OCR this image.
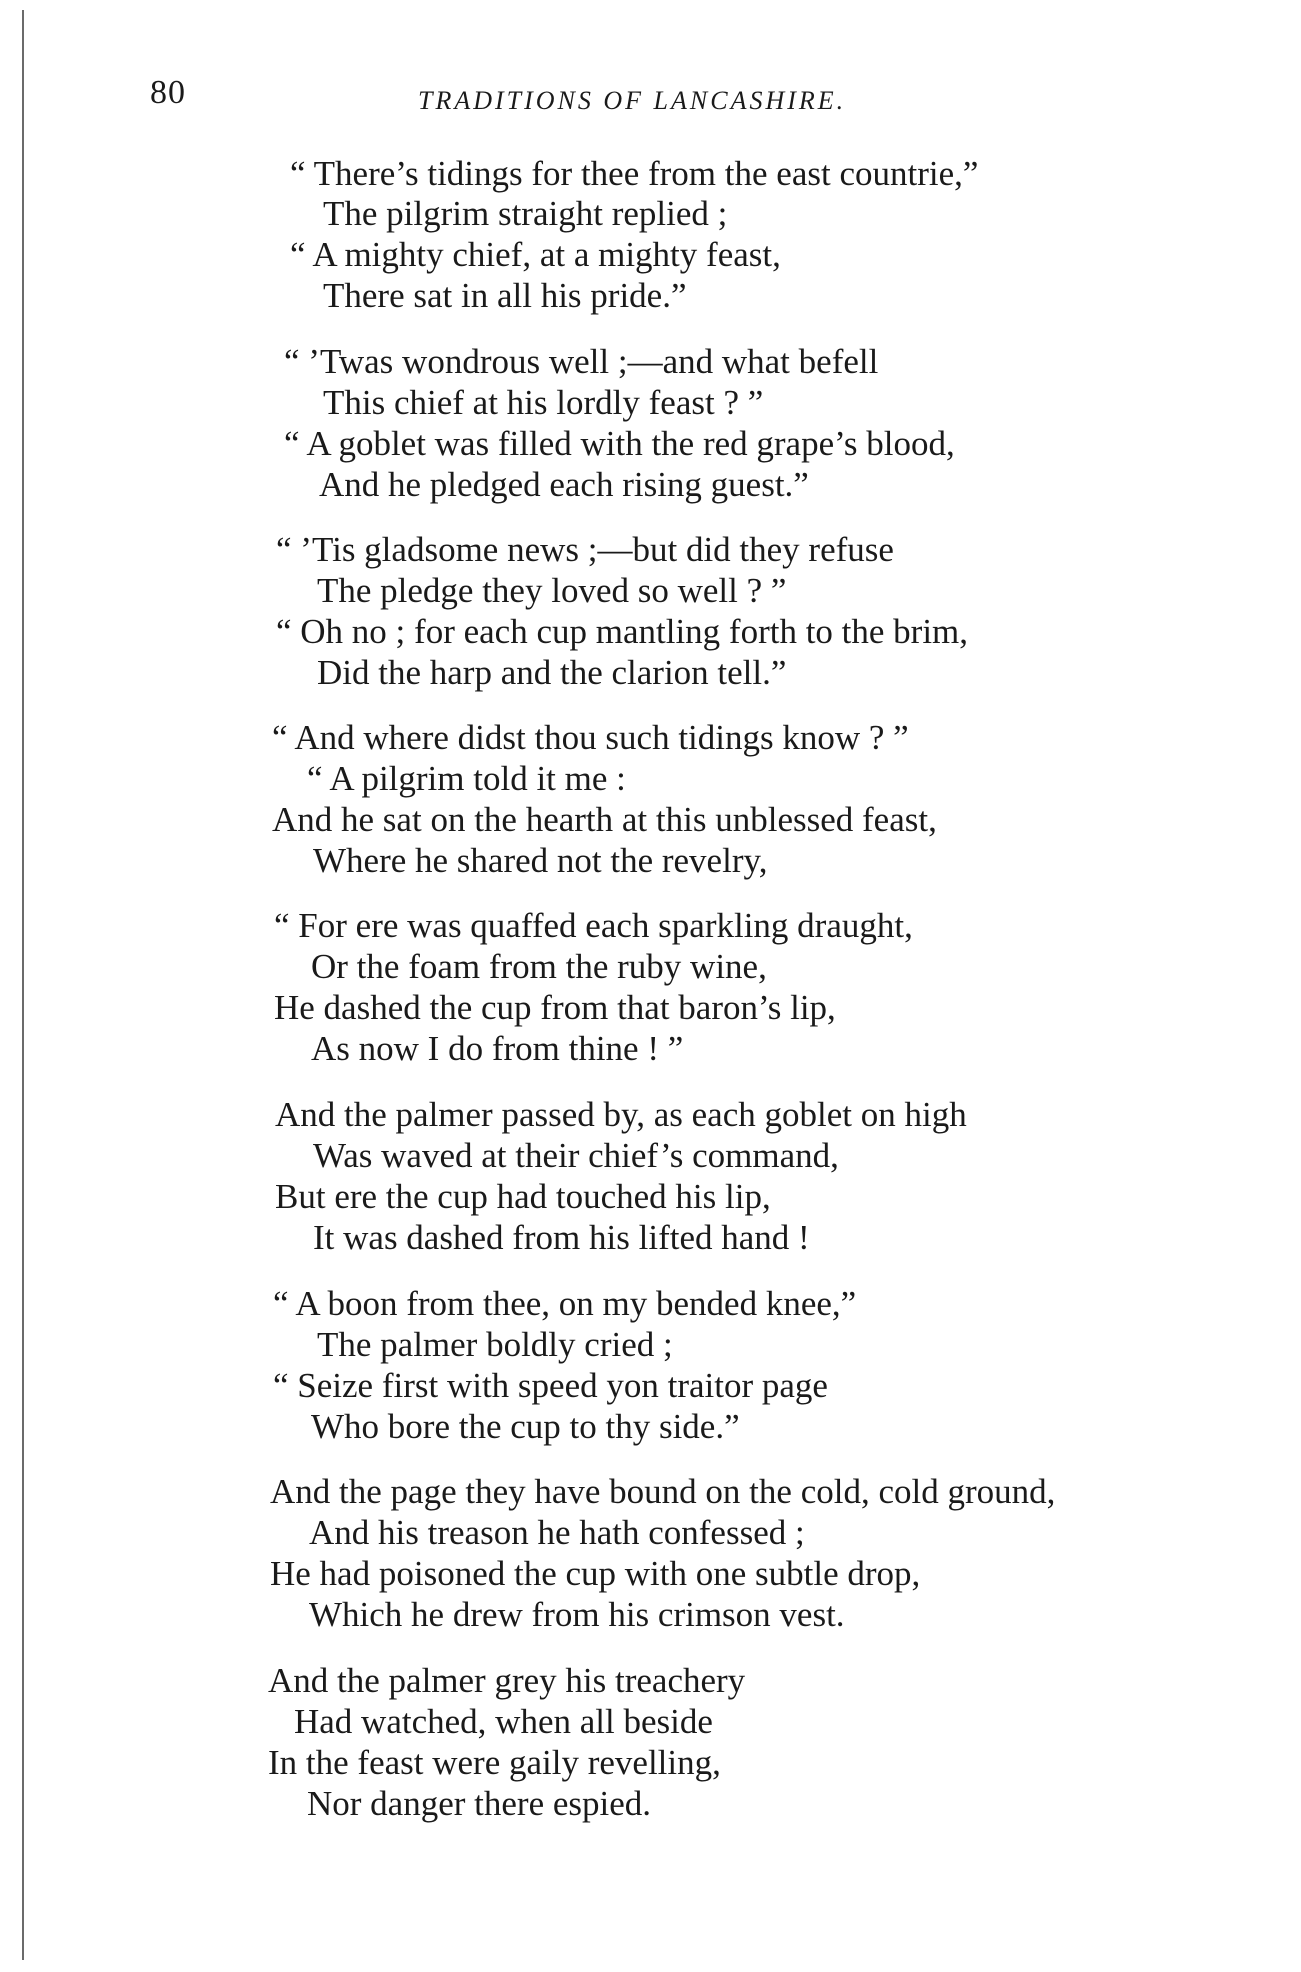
80	TRADITIONS OF LANCASHIRE.
“ There’s tidings for thee from the east countrie,”
The pilgrim straight replied ;
“ A mighty chief, at a mighty feast,
There sat in all his pride.”
“ ’Twas wondrous well ;—and what befell
This chief at his lordly feast ? ”
“ A goblet was filled with the red grape’s blood,
And he pledged each rising guest.”
“ ’Tis gladsome news ;—but did they refuse
The pledge they loved so well ? ”
“ Oh no ; for each cup mantling forth to the brim,
Did the harp and the clarion tell.”
“ And where didst thou such tidings know ? ”
“ A pilgrim told it me :
And he sat on the hearth at this unblessed feast,
Where he shared not the revelry,
“ For ere was quaffed each sparkling draught,
Or the foam from the ruby wine,
He dashed the cup from that baron’s lip,
As now I do from thine ! ”
And the palmer passed by, as each goblet on high
Was waved at their chief’s command,
But ere the cup had touched his lip,
It was dashed from his lifted hand !
“ A boon from thee, on my bended knee,”
The palmer boldly cried ;
“ Seize first with speed yon traitor page
Who bore the cup to thy side.”
And the page they have bound on the cold, cold ground,
And his treason he hath confessed ;
He had poisoned the cup with one subtle drop,
Which he drew from his crimson vest.
And the palmer grey his treachery
Had watched, when all beside
In the feast were gaily revelling,
Nor danger there espied.
